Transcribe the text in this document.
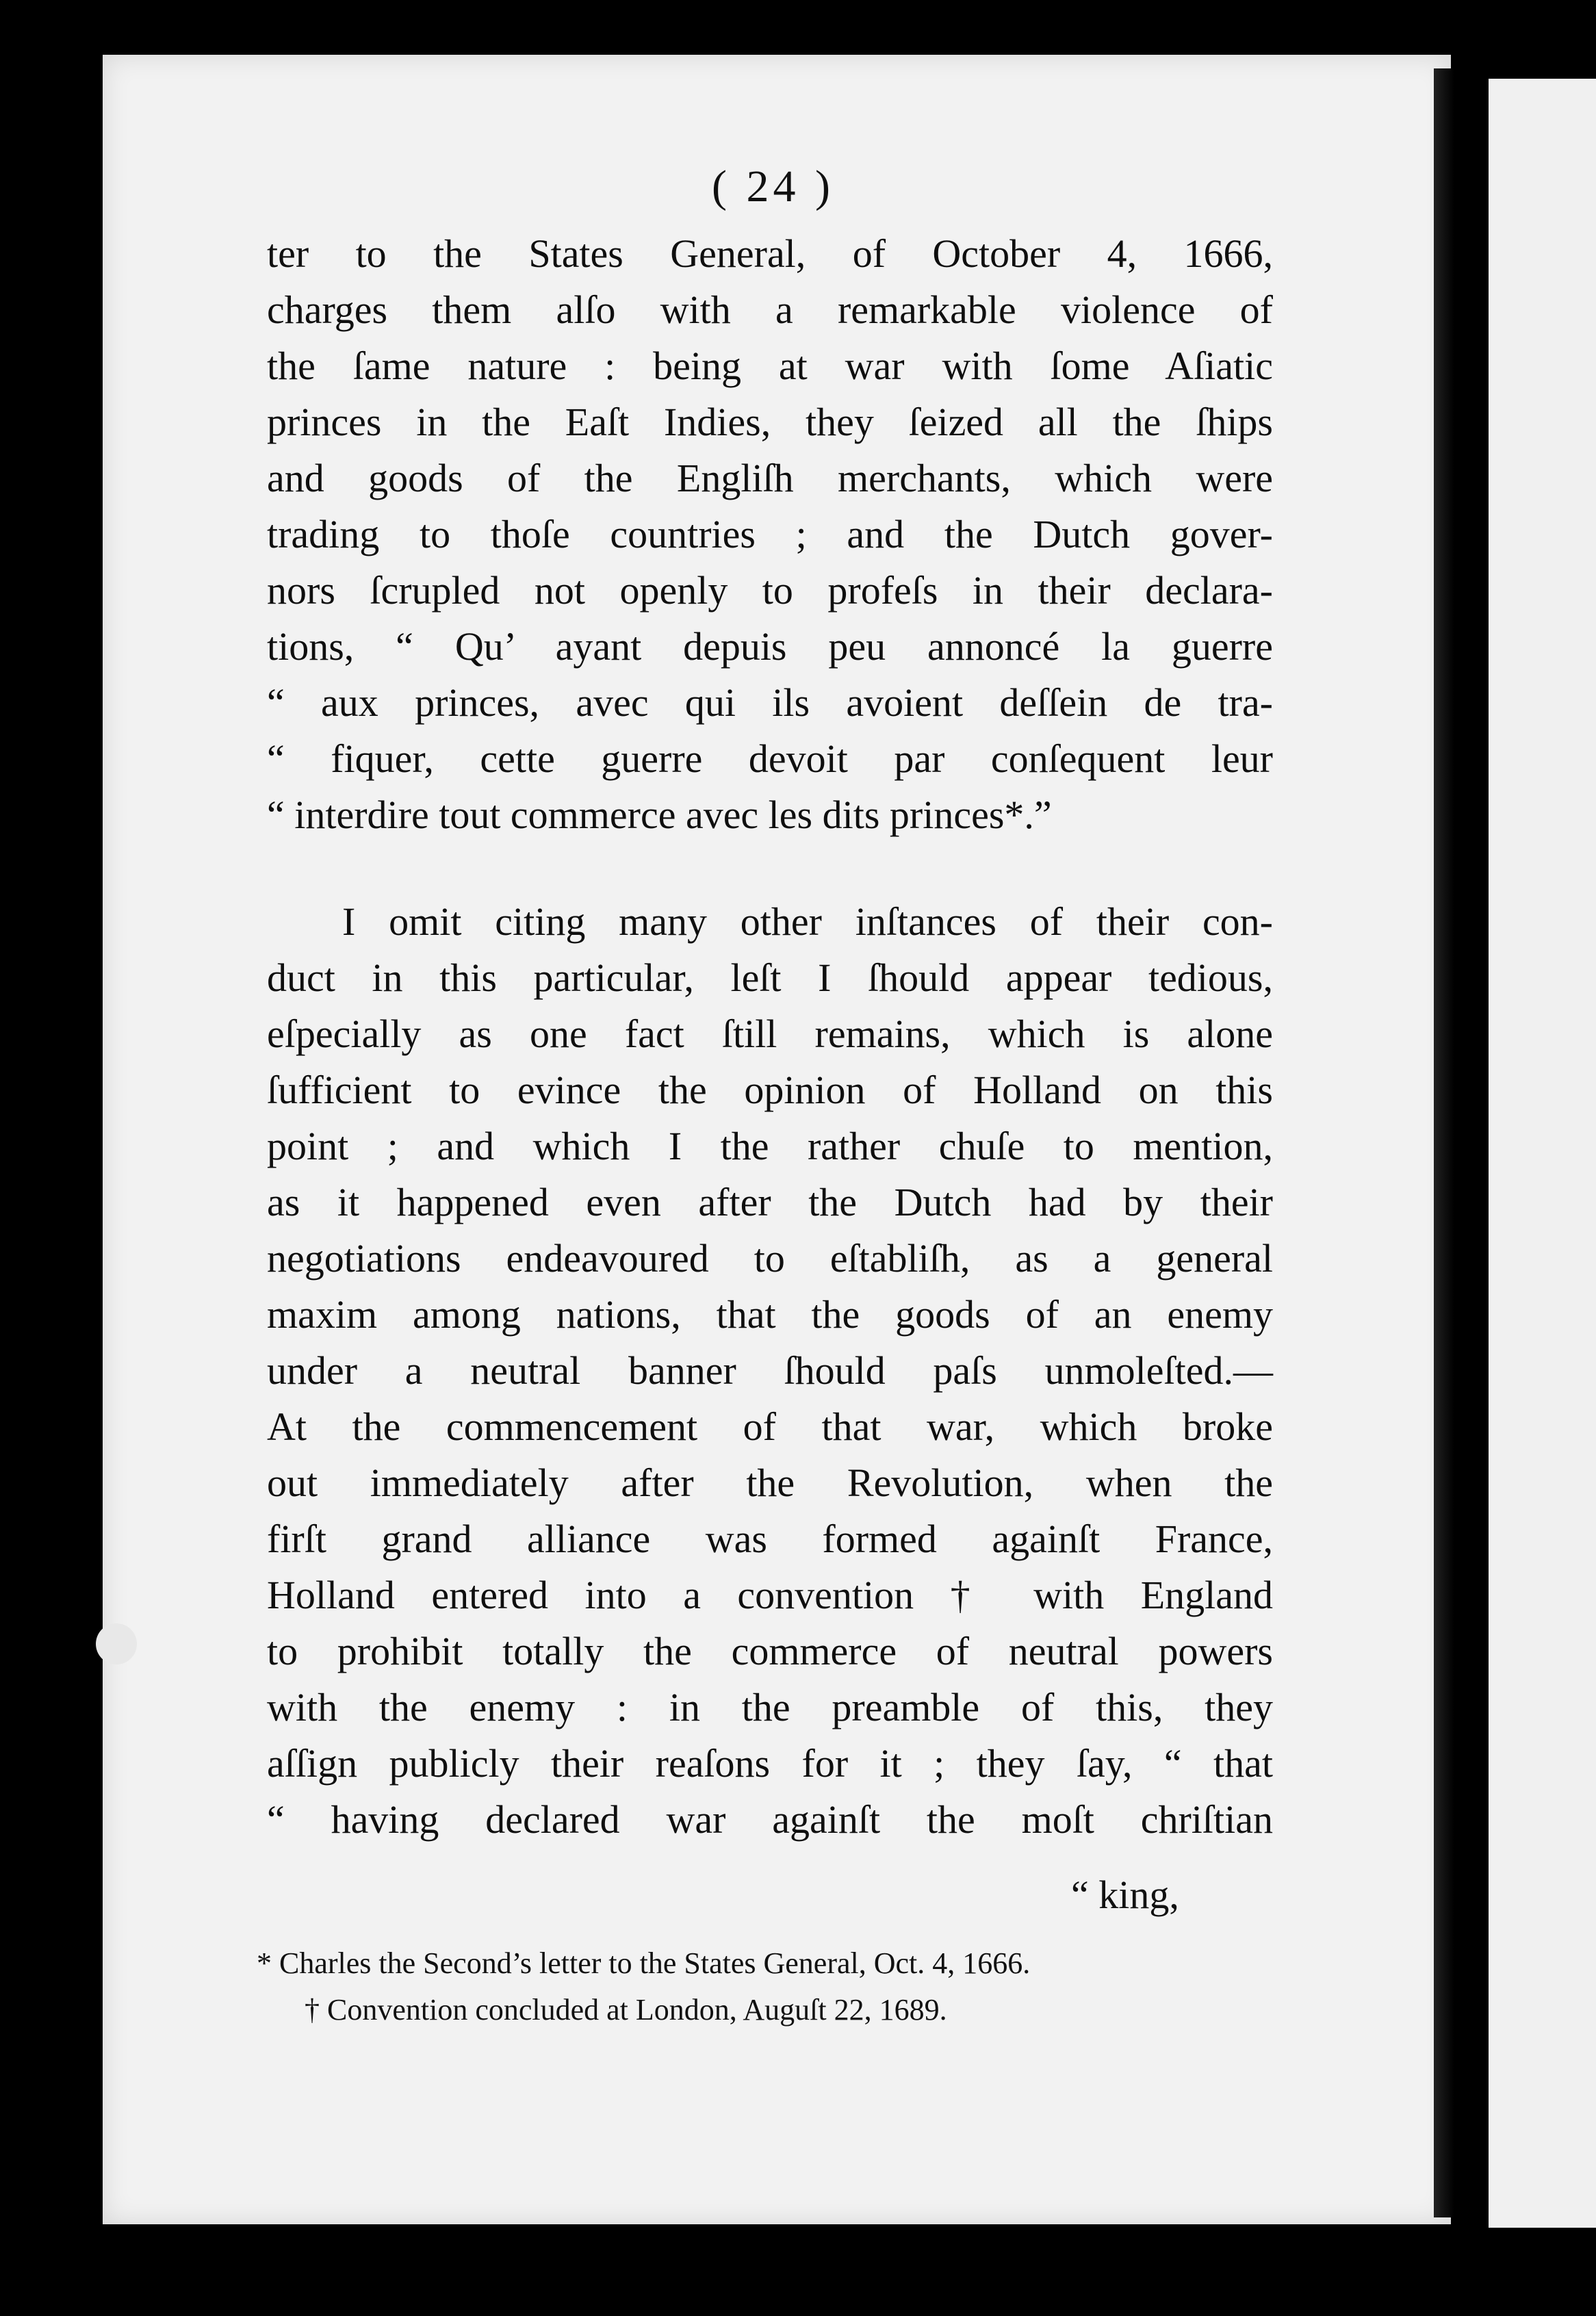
( 24 )
ter to the States General, of October 4, 1666,
charges them alſo with a remarkable violence of
the ſame nature : being at war with ſome Aſiatic
princes in the Eaſt Indies, they ſeized all the ſhips
and goods of the Engliſh merchants, which were
trading to thoſe countries ; and the Dutch gover-
nors ſcrupled not openly to profeſs in their declara-
tions, “ Qu’ ayant depuis peu annoncé la guerre
“ aux princes, avec qui ils avoient deſſein de tra-
“ fiquer, cette guerre devoit par conſequent leur
“ interdire tout commerce avec les dits princes*.”
I omit citing many other inſtances of their con-
duct in this particular, leſt I ſhould appear tedious,
eſpecially as one fact ſtill remains, which is alone
ſufficient to evince the opinion of Holland on this
point ; and which I the rather chuſe to mention,
as it happened even after the Dutch had by their
negotiations endeavoured to eſtabliſh, as a general
maxim among nations, that the goods of an enemy
under a neutral banner ſhould paſs unmoleſted.—
At the commencement of that war, which broke
out immediately after the Revolution, when the
firſt grand alliance was formed againſt France,
Holland entered into a convention † with England
to prohibit totally the commerce of neutral powers
with the enemy : in the preamble of this, they
aſſign publicly their reaſons for it ; they ſay, “ that
“ having declared war againſt the moſt chriſtian
“ king,
* Charles the Second’s letter to the States General, Oct. 4, 1666.
† Convention concluded at London, Auguſt 22, 1689.
